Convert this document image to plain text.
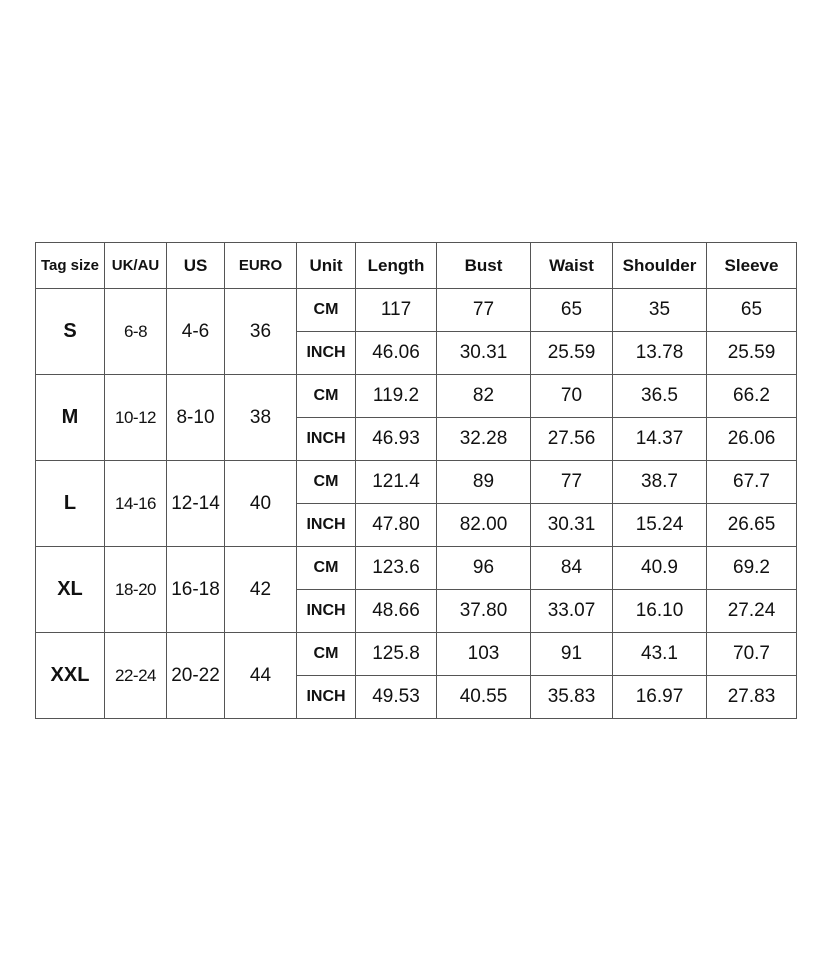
Tag size	UK/AU	US	EURO	Unit	Length	Bust	Waist	Shoulder	Sleeve
S	6-8	4-6	36	CM	117	77	65	35	65
				INCH	46.06	30.31	25.59	13.78	25.59
M	10-12	8-10	38	CM	119.2	82	70	36.5	66.2
				INCH	46.93	32.28	27.56	14.37	26.06
L	14-16	12-14	40	CM	121.4	89	77	38.7	67.7
				INCH	47.80	82.00	30.31	15.24	26.65
XL	18-20	16-18	42	CM	123.6	96	84	40.9	69.2
				INCH	48.66	37.80	33.07	16.10	27.24
XXL	22-24	20-22	44	CM	125.8	103	91	43.1	70.7
				INCH	49.53	40.55	35.83	16.97	27.83
